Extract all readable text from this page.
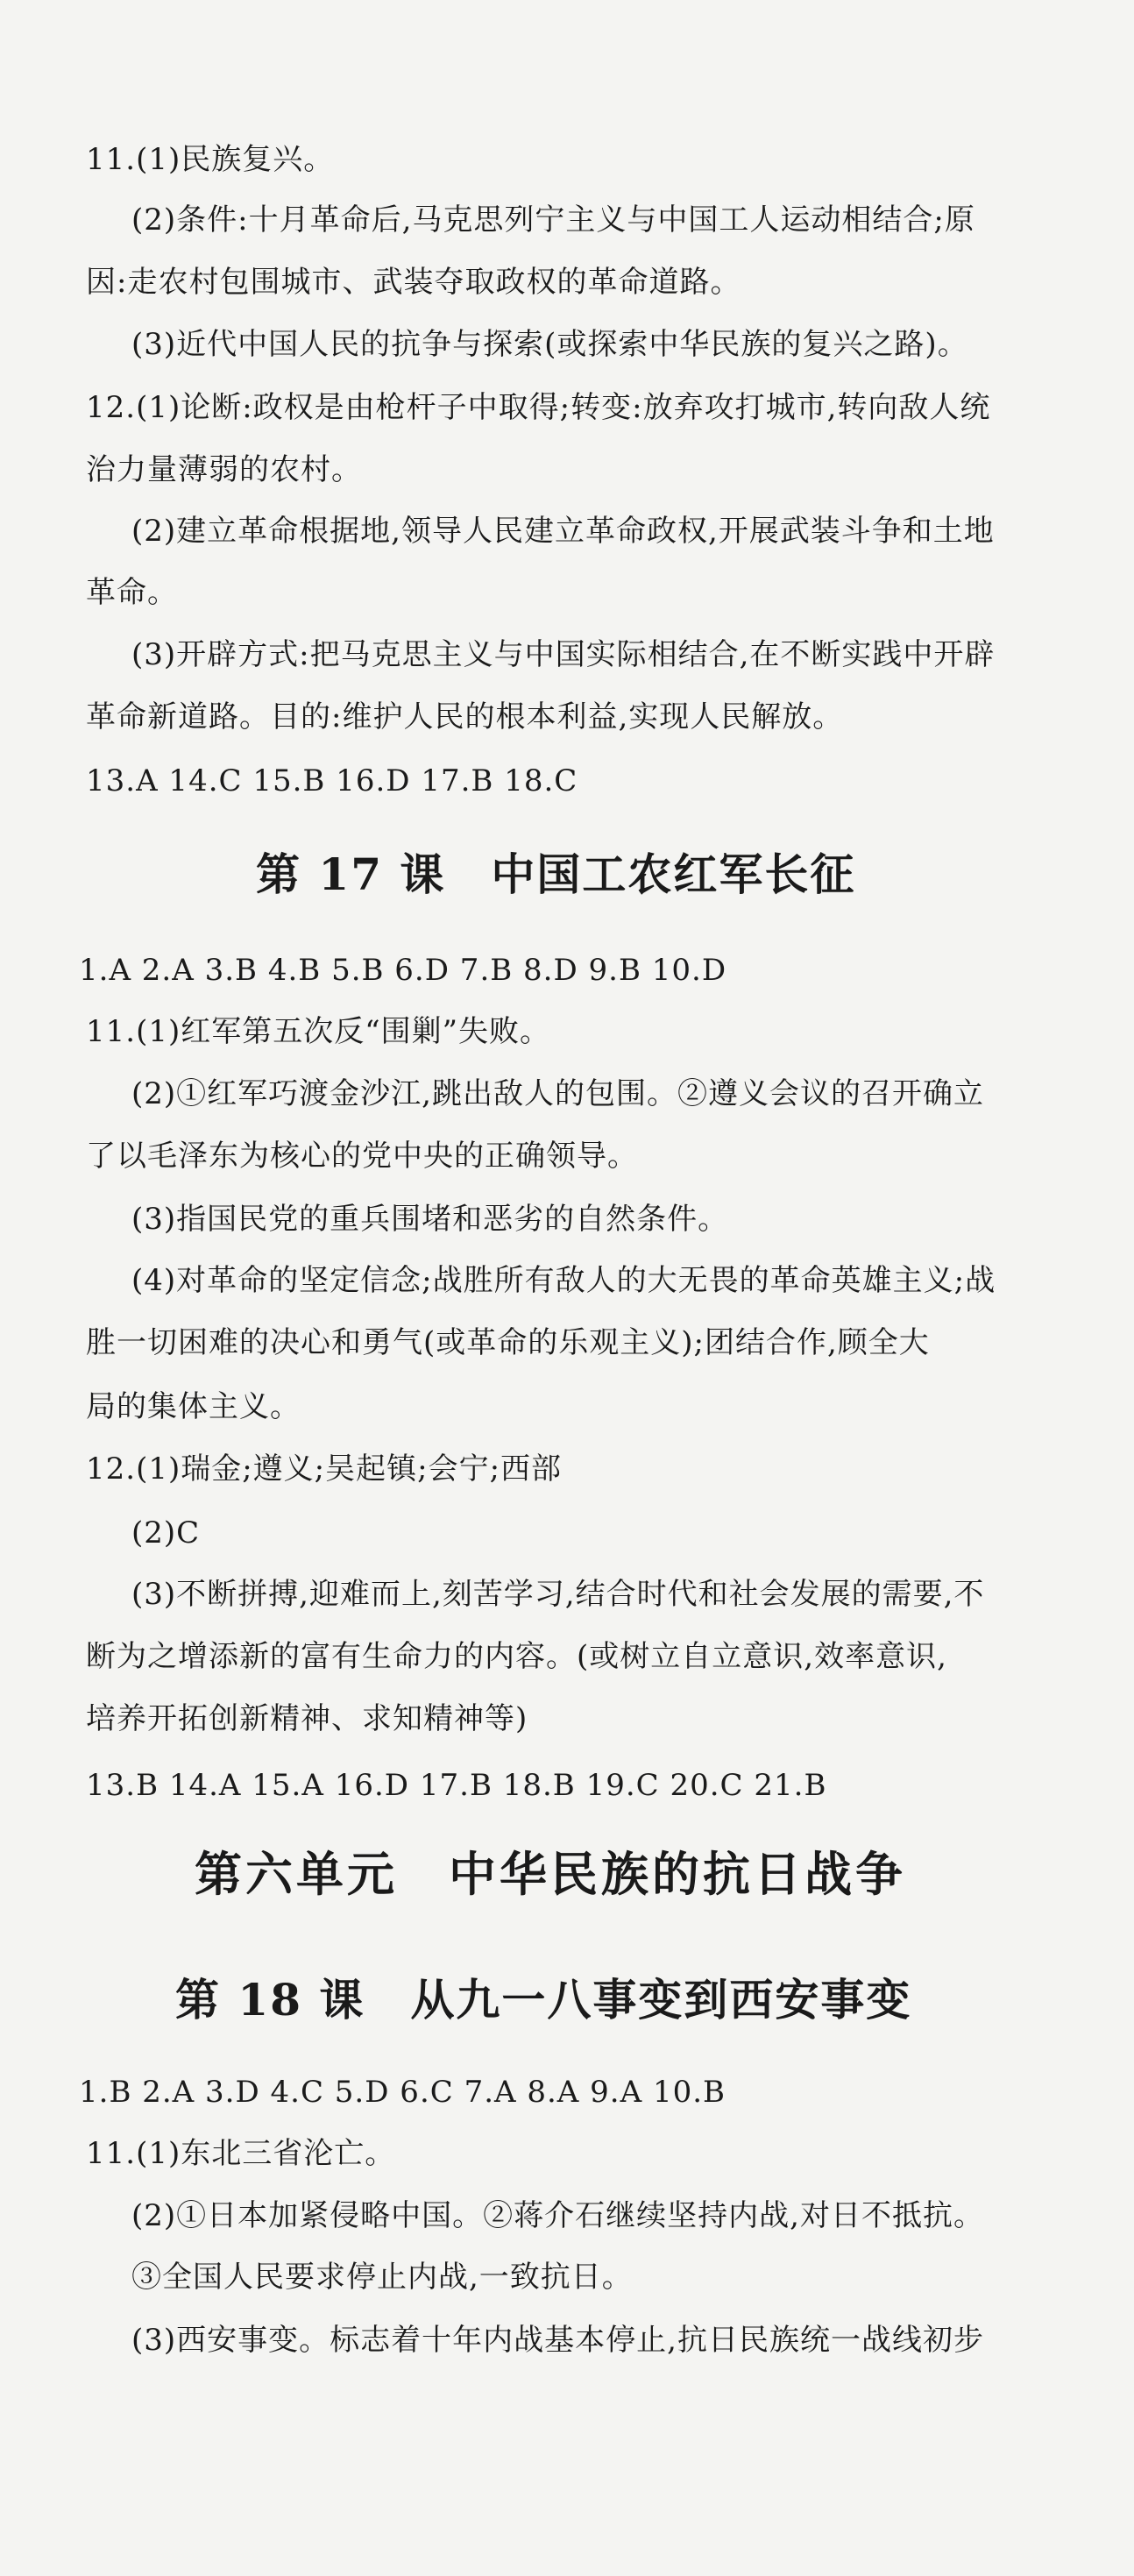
11.(1)民族复兴。
(2)条件:十月革命后,马克思列宁主义与中国工人运动相结合;原
因:走农村包围城市、武装夺取政权的革命道路。
(3)近代中国人民的抗争与探索(或探索中华民族的复兴之路)。
12.(1)论断:政权是由枪杆子中取得;转变:放弃攻打城市,转向敌人统
治力量薄弱的农村。
(2)建立革命根据地,领导人民建立革命政权,开展武装斗争和土地
革命。
(3)开辟方式:把马克思主义与中国实际相结合,在不断实践中开辟
革命新道路。目的:维护人民的根本利益,实现人民解放。
13.A 14.C 15.B 16.D 17.B 18.C
第 17 课　中国工农红军长征
1.A 2.A 3.B 4.B 5.B 6.D 7.B 8.D 9.B 10.D
11.(1)红军第五次反“围剿”失败。
(2)①红军巧渡金沙江,跳出敌人的包围。②遵义会议的召开确立
了以毛泽东为核心的党中央的正确领导。
(3)指国民党的重兵围堵和恶劣的自然条件。
(4)对革命的坚定信念;战胜所有敌人的大无畏的革命英雄主义;战
胜一切困难的决心和勇气(或革命的乐观主义);团结合作,顾全大
局的集体主义。
12.(1)瑞金;遵义;吴起镇;会宁;西部
(2)C
(3)不断拼搏,迎难而上,刻苦学习,结合时代和社会发展的需要,不
断为之增添新的富有生命力的内容。(或树立自立意识,效率意识,
培养开拓创新精神、求知精神等)
13.B 14.A 15.A 16.D 17.B 18.B 19.C 20.C 21.B
第六单元　中华民族的抗日战争
第 18 课　从九一八事变到西安事变
1.B 2.A 3.D 4.C 5.D 6.C 7.A 8.A 9.A 10.B
11.(1)东北三省沦亡。
(2)①日本加紧侵略中国。②蒋介石继续坚持内战,对日不抵抗。
③全国人民要求停止内战,一致抗日。
(3)西安事变。标志着十年内战基本停止,抗日民族统一战线初步
